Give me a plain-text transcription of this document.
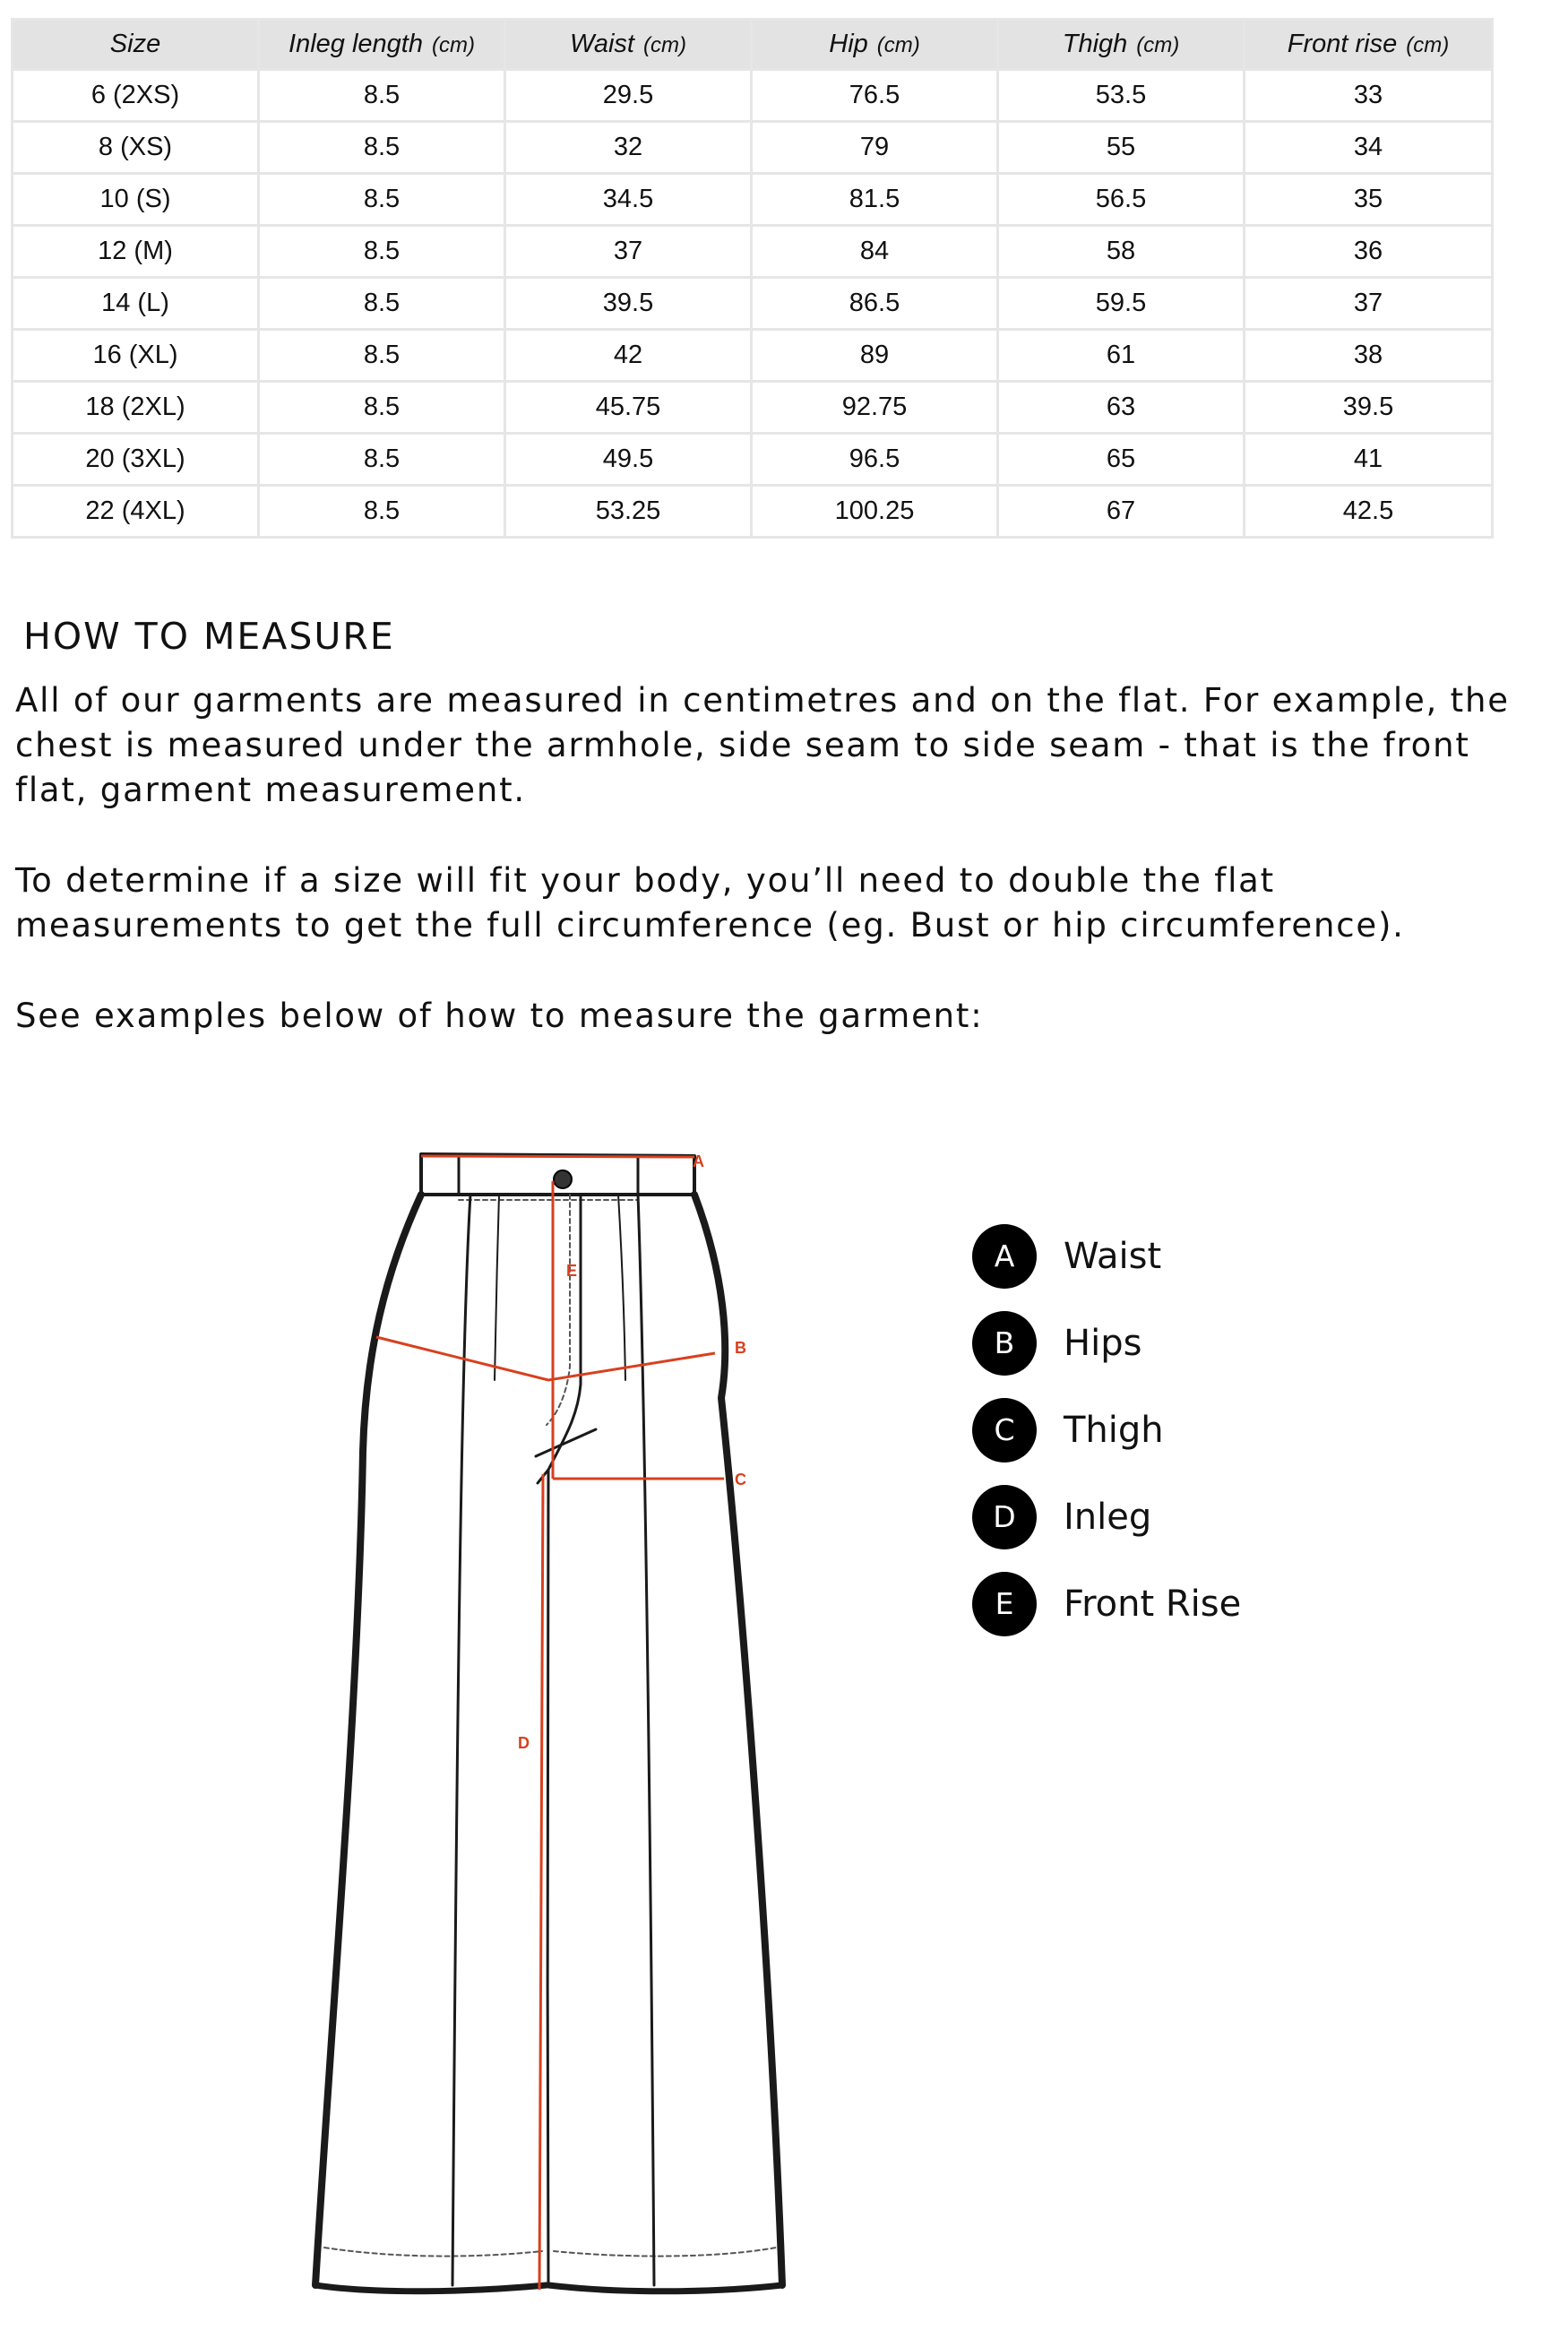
Size	Inleg length (cm)	Waist (cm)	Hip (cm)	Thigh (cm)	Front rise (cm)
6 (2XS)	8.5	29.5	76.5	53.5	33
8 (XS)	8.5	32	79	55	34
10 (S)	8.5	34.5	81.5	56.5	35
12 (M)	8.5	37	84	58	36
14 (L)	8.5	39.5	86.5	59.5	37
16 (XL)	8.5	42	89	61	38
18 (2XL)	8.5	45.75	92.75	63	39.5
20 (3XL)	8.5	49.5	96.5	65	41
22 (4XL)	8.5	53.25	100.25	67	42.5
HOW TO MEASURE

All of our garments are measured in centimetres and on the flat. For example, the chest is measured under the armhole, side seam to side seam - that is the front flat, garment measurement.

To determine if a size will fit your body, you’ll need to double the flat measurements to get the full circumference (eg. Bust or hip circumference).

See examples below of how to measure the garment:

A
B
C
D
E	A	Waist
B	Hips
C	Thigh
D	Inleg
E	Front Rise
